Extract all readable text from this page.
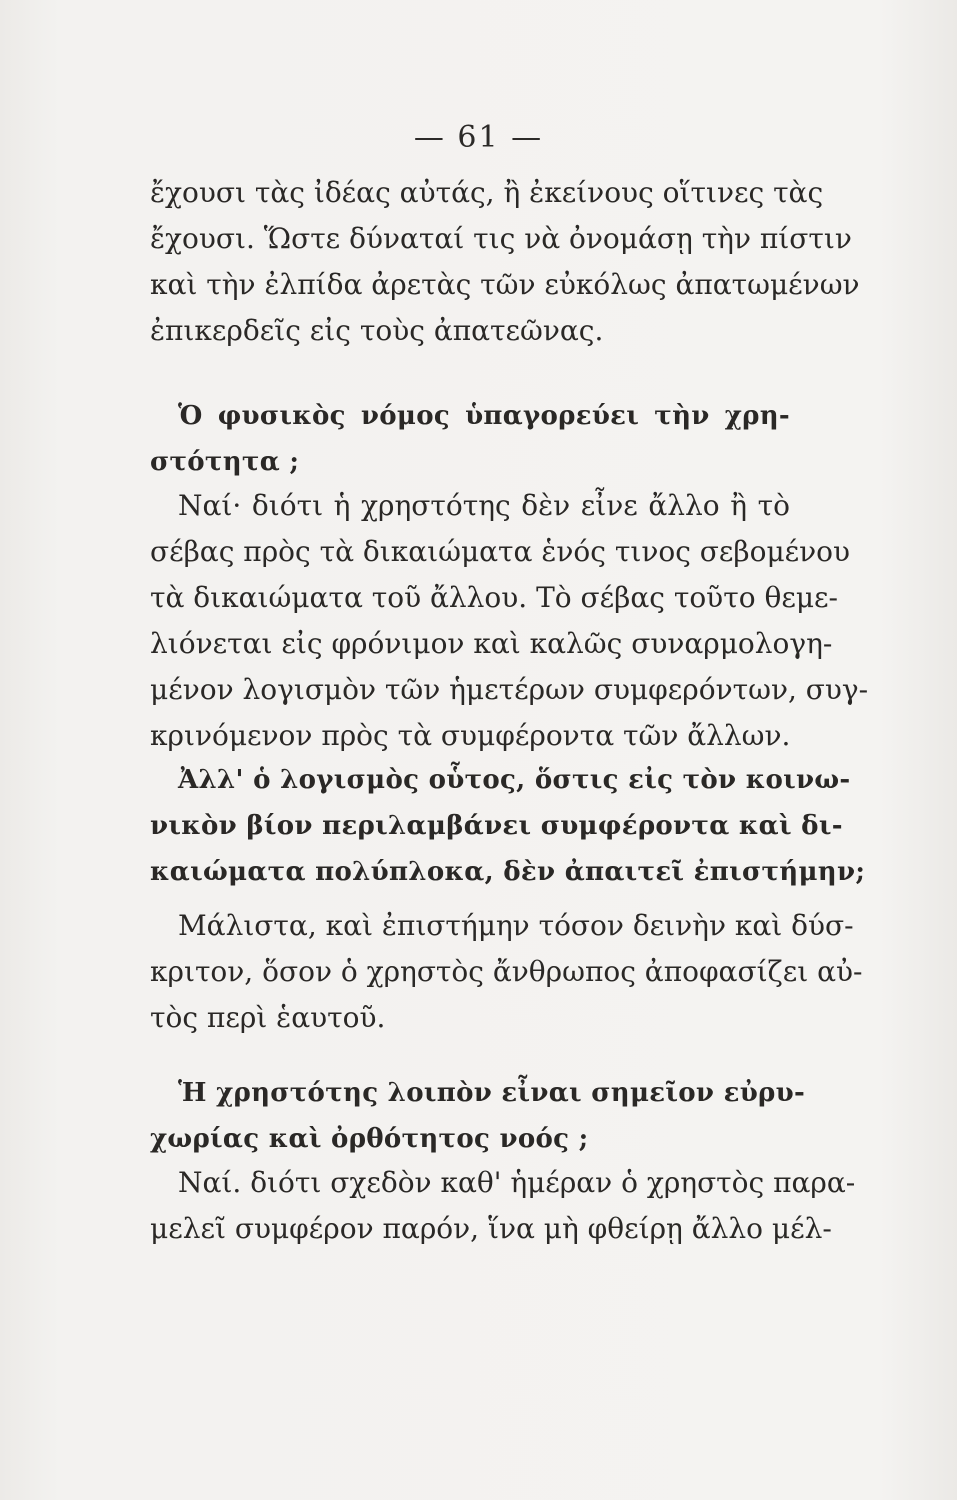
— 61 —
ἔχουσι τὰς ἰδέας αὐτάς, ἢ ἐκείνους οἵτινες τὰς
ἔχουσι. Ὥστε δύναταί τις νὰ ὀνομάσῃ τὴν πίστιν
καὶ τὴν ἐλπίδα ἀρετὰς τῶν εὐκόλως ἀπατωμένων
ἐπικερδεῖς εἰς τοὺς ἀπατεῶνας.
Ὁ φυσικὸς νόμος ὑπαγορεύει τὴν χρη-
στότητα ;
Ναί· διότι ἡ χρηστότης δὲν εἶνε ἄλλο ἢ τὸ
σέβας πρὸς τὰ δικαιώματα ἑνός τινος σεβομένου
τὰ δικαιώματα τοῦ ἄλλου. Τὸ σέβας τοῦτο θεμε-
λιόνεται εἰς φρόνιμον καὶ καλῶς συναρμολογη-
μένον λογισμὸν τῶν ἡμετέρων συμφερόντων, συγ-
κρινόμενον πρὸς τὰ συμφέροντα τῶν ἄλλων.
Ἀλλ' ὁ λογισμὸς οὗτος, ὅστις εἰς τὸν κοινω-
νικὸν βίον περιλαμβάνει συμφέροντα καὶ δι-
καιώματα πολύπλοκα, δὲν ἀπαιτεῖ ἐπιστήμην;
Μάλιστα, καὶ ἐπιστήμην τόσον δεινὴν καὶ δύσ-
κριτον, ὅσον ὁ χρηστὸς ἄνθρωπος ἀποφασίζει αὐ-
τὸς περὶ ἑαυτοῦ.
Ἡ χρηστότης λοιπὸν εἶναι σημεῖον εὐρυ-
χωρίας καὶ ὀρθότητος νοός ;
Ναί. διότι σχεδὸν καθ' ἡμέραν ὁ χρηστὸς παρα-
μελεῖ συμφέρον παρόν, ἵνα μὴ φθείρῃ ἄλλο μέλ-
